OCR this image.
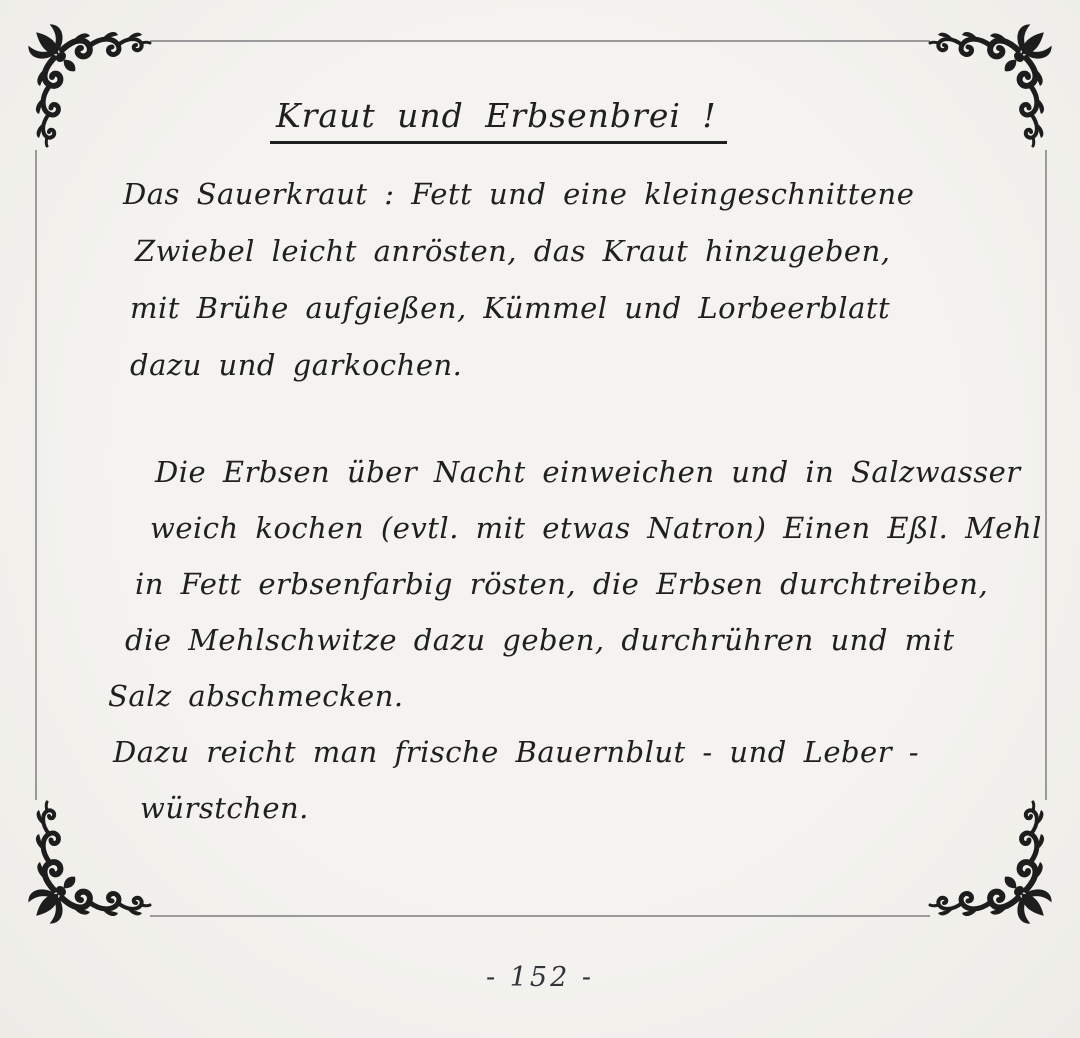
Kraut und Erbsenbrei !
Das Sauerkraut : Fett und eine kleingeschnittene
Zwiebel leicht anrösten, das Kraut hinzugeben,
mit Brühe aufgießen, Kümmel und Lorbeerblatt
dazu und garkochen.
Die Erbsen über Nacht einweichen und in Salzwasser
weich kochen (evtl. mit etwas Natron) Einen Eßl. Mehl
in Fett erbsenfarbig rösten, die Erbsen durchtreiben,
die Mehlschwitze dazu geben, durchrühren und mit
Salz abschmecken.
Dazu reicht man frische Bauernblut - und Leber -
würstchen.
- 152 -
